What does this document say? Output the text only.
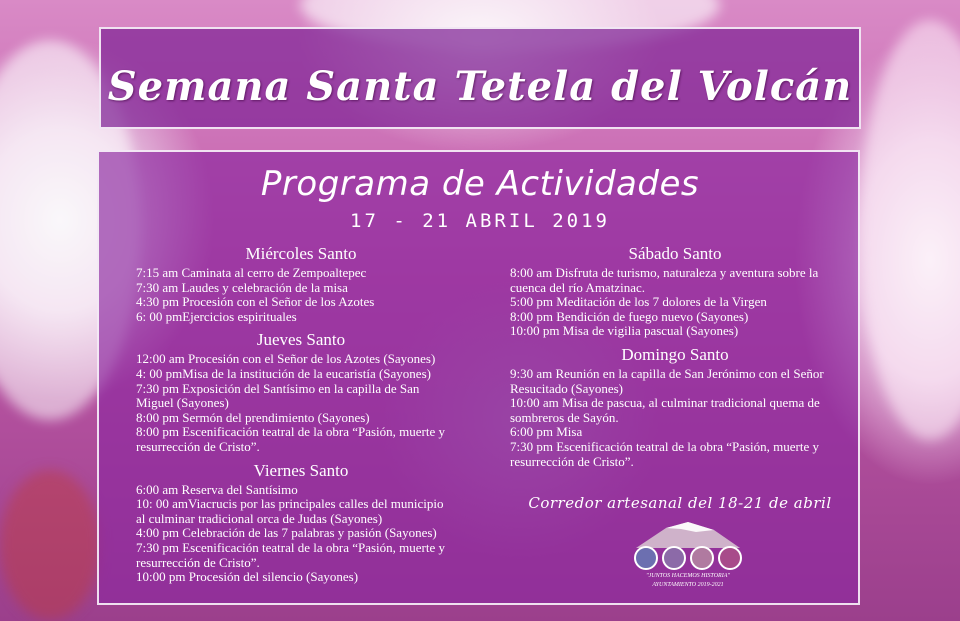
Semana Santa Tetela del Volcán
Programa de Actividades
17 - 21 ABRIL 2019
Miércoles Santo

7:15 am Caminata al cerro de Zempoaltepec

7:30 am Laudes y celebración de la misa

4:30 pm Procesión con el Señor de los Azotes

6: 00 pmEjercicios espirituales

Jueves Santo

12:00 am Procesión con el Señor de los Azotes (Sayones)

4: 00 pmMisa de la institución de la eucaristía (Sayones)

7:30 pm Exposición del Santísimo en la capilla de San

Miguel (Sayones)

8:00 pm Sermón del prendimiento (Sayones)

8:00 pm Escenificación teatral de la obra “Pasión, muerte y

resurrección de Cristo”.

Viernes Santo

6:00 am Reserva del Santísimo

10: 00 amViacrucis por las principales calles del municipio

al culminar tradicional orca de Judas (Sayones)

4:00 pm Celebración de las 7 palabras y pasión (Sayones)

7:30 pm Escenificación teatral de la obra “Pasión, muerte y

resurrección de Cristo”.

10:00 pm Procesión del silencio (Sayones)

Sábado Santo

8:00 am Disfruta de turismo, naturaleza y aventura sobre la

cuenca del río Amatzinac.

5:00 pm Meditación de los 7 dolores de la Virgen

8:00 pm Bendición de fuego nuevo (Sayones)

10:00 pm Misa de vigilia pascual (Sayones)

Domingo Santo

9:30 am Reunión en la capilla de San Jerónimo con el Señor

Resucitado (Sayones)

10:00 am Misa de pascua, al culminar tradicional quema de

sombreros de Sayón.

6:00 pm Misa

7:30 pm Escenificación teatral de la obra “Pasión, muerte y

resurrección de Cristo”.

Corredor artesanal del 18-21 de abril
"JUNTOS HACEMOS HISTORIA"
AYUNTAMIENTO 2019-2021
